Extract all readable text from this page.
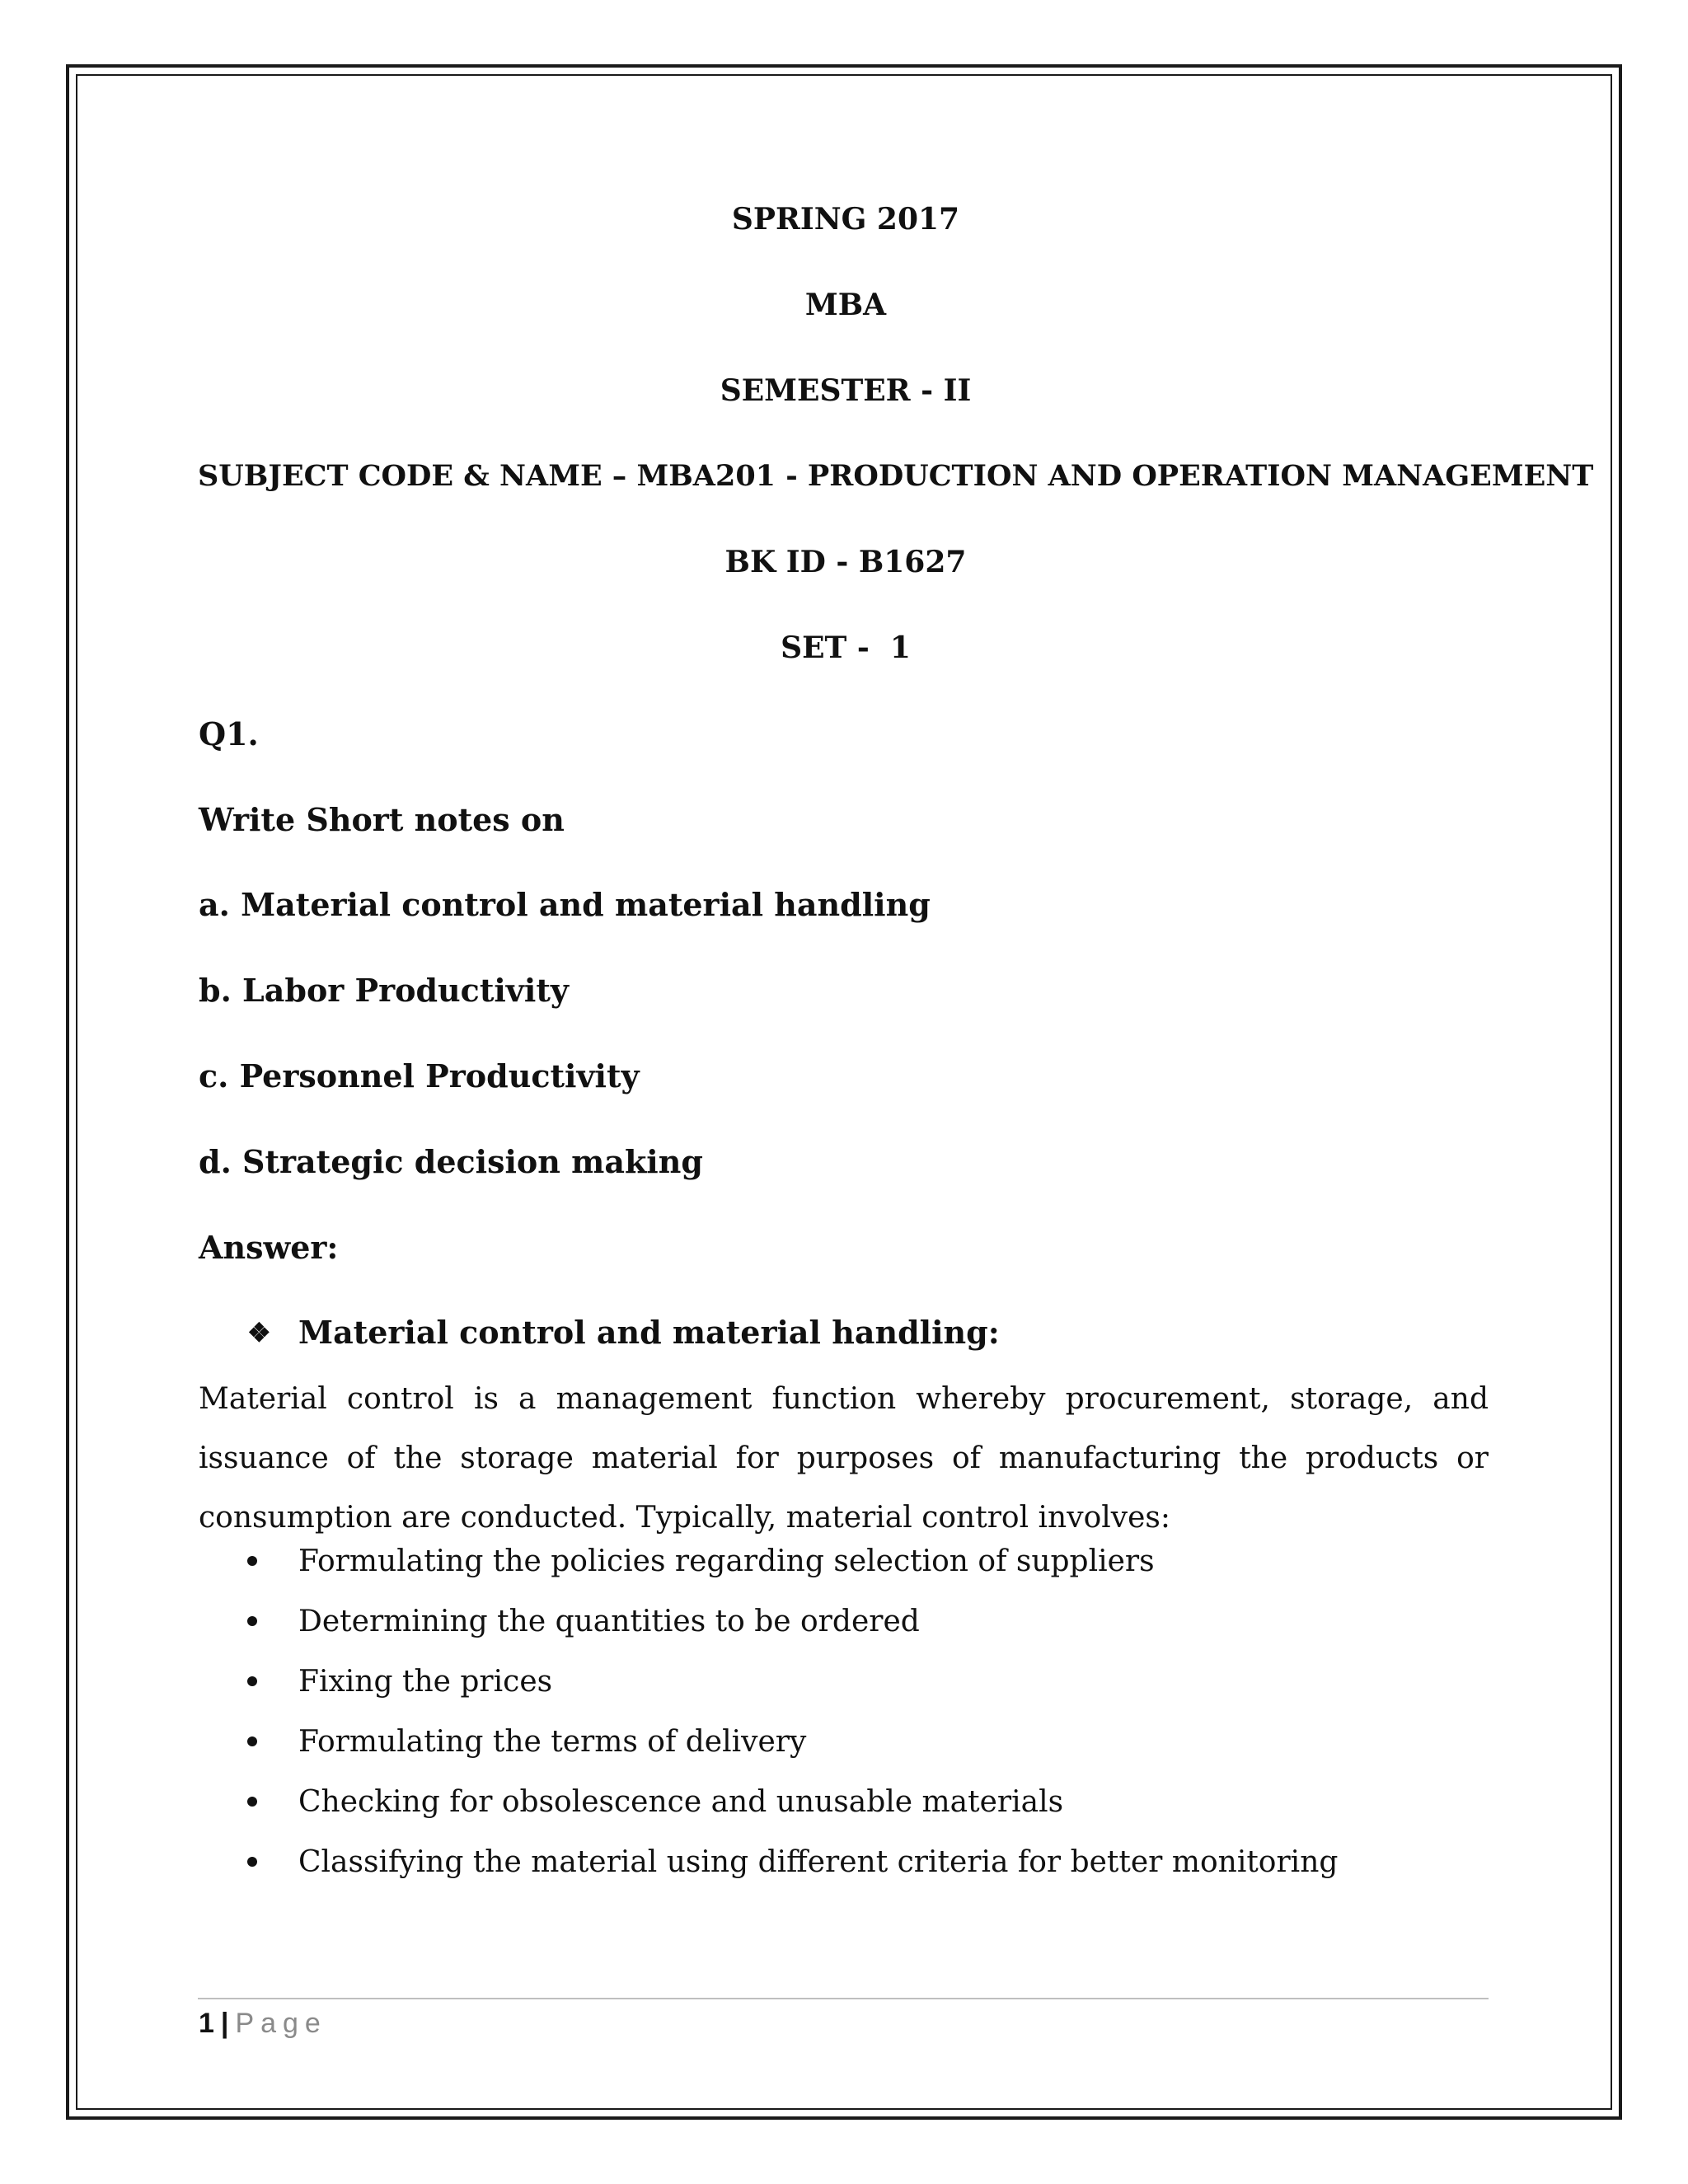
SPRING 2017
MBA
SEMESTER - II
SUBJECT CODE & NAME – MBA201 - PRODUCTION AND OPERATION MANAGEMENT
BK ID - B1627
SET -  1
Q1.
Write Short notes on
a. Material control and material handling
b. Labor Productivity
c. Personnel Productivity
d. Strategic decision making
Answer:
❖ Material control and material handling:
Material control is a management function whereby procurement, storage, and issuance of the storage material for purposes of manufacturing the products or consumption are conducted. Typically, material control involves:
Formulating the policies regarding selection of suppliers
Determining the quantities to be ordered
Fixing the prices
Formulating the terms of delivery
Checking for obsolescence and unusable materials
Classifying the material using different criteria for better monitoring
1 | Page
